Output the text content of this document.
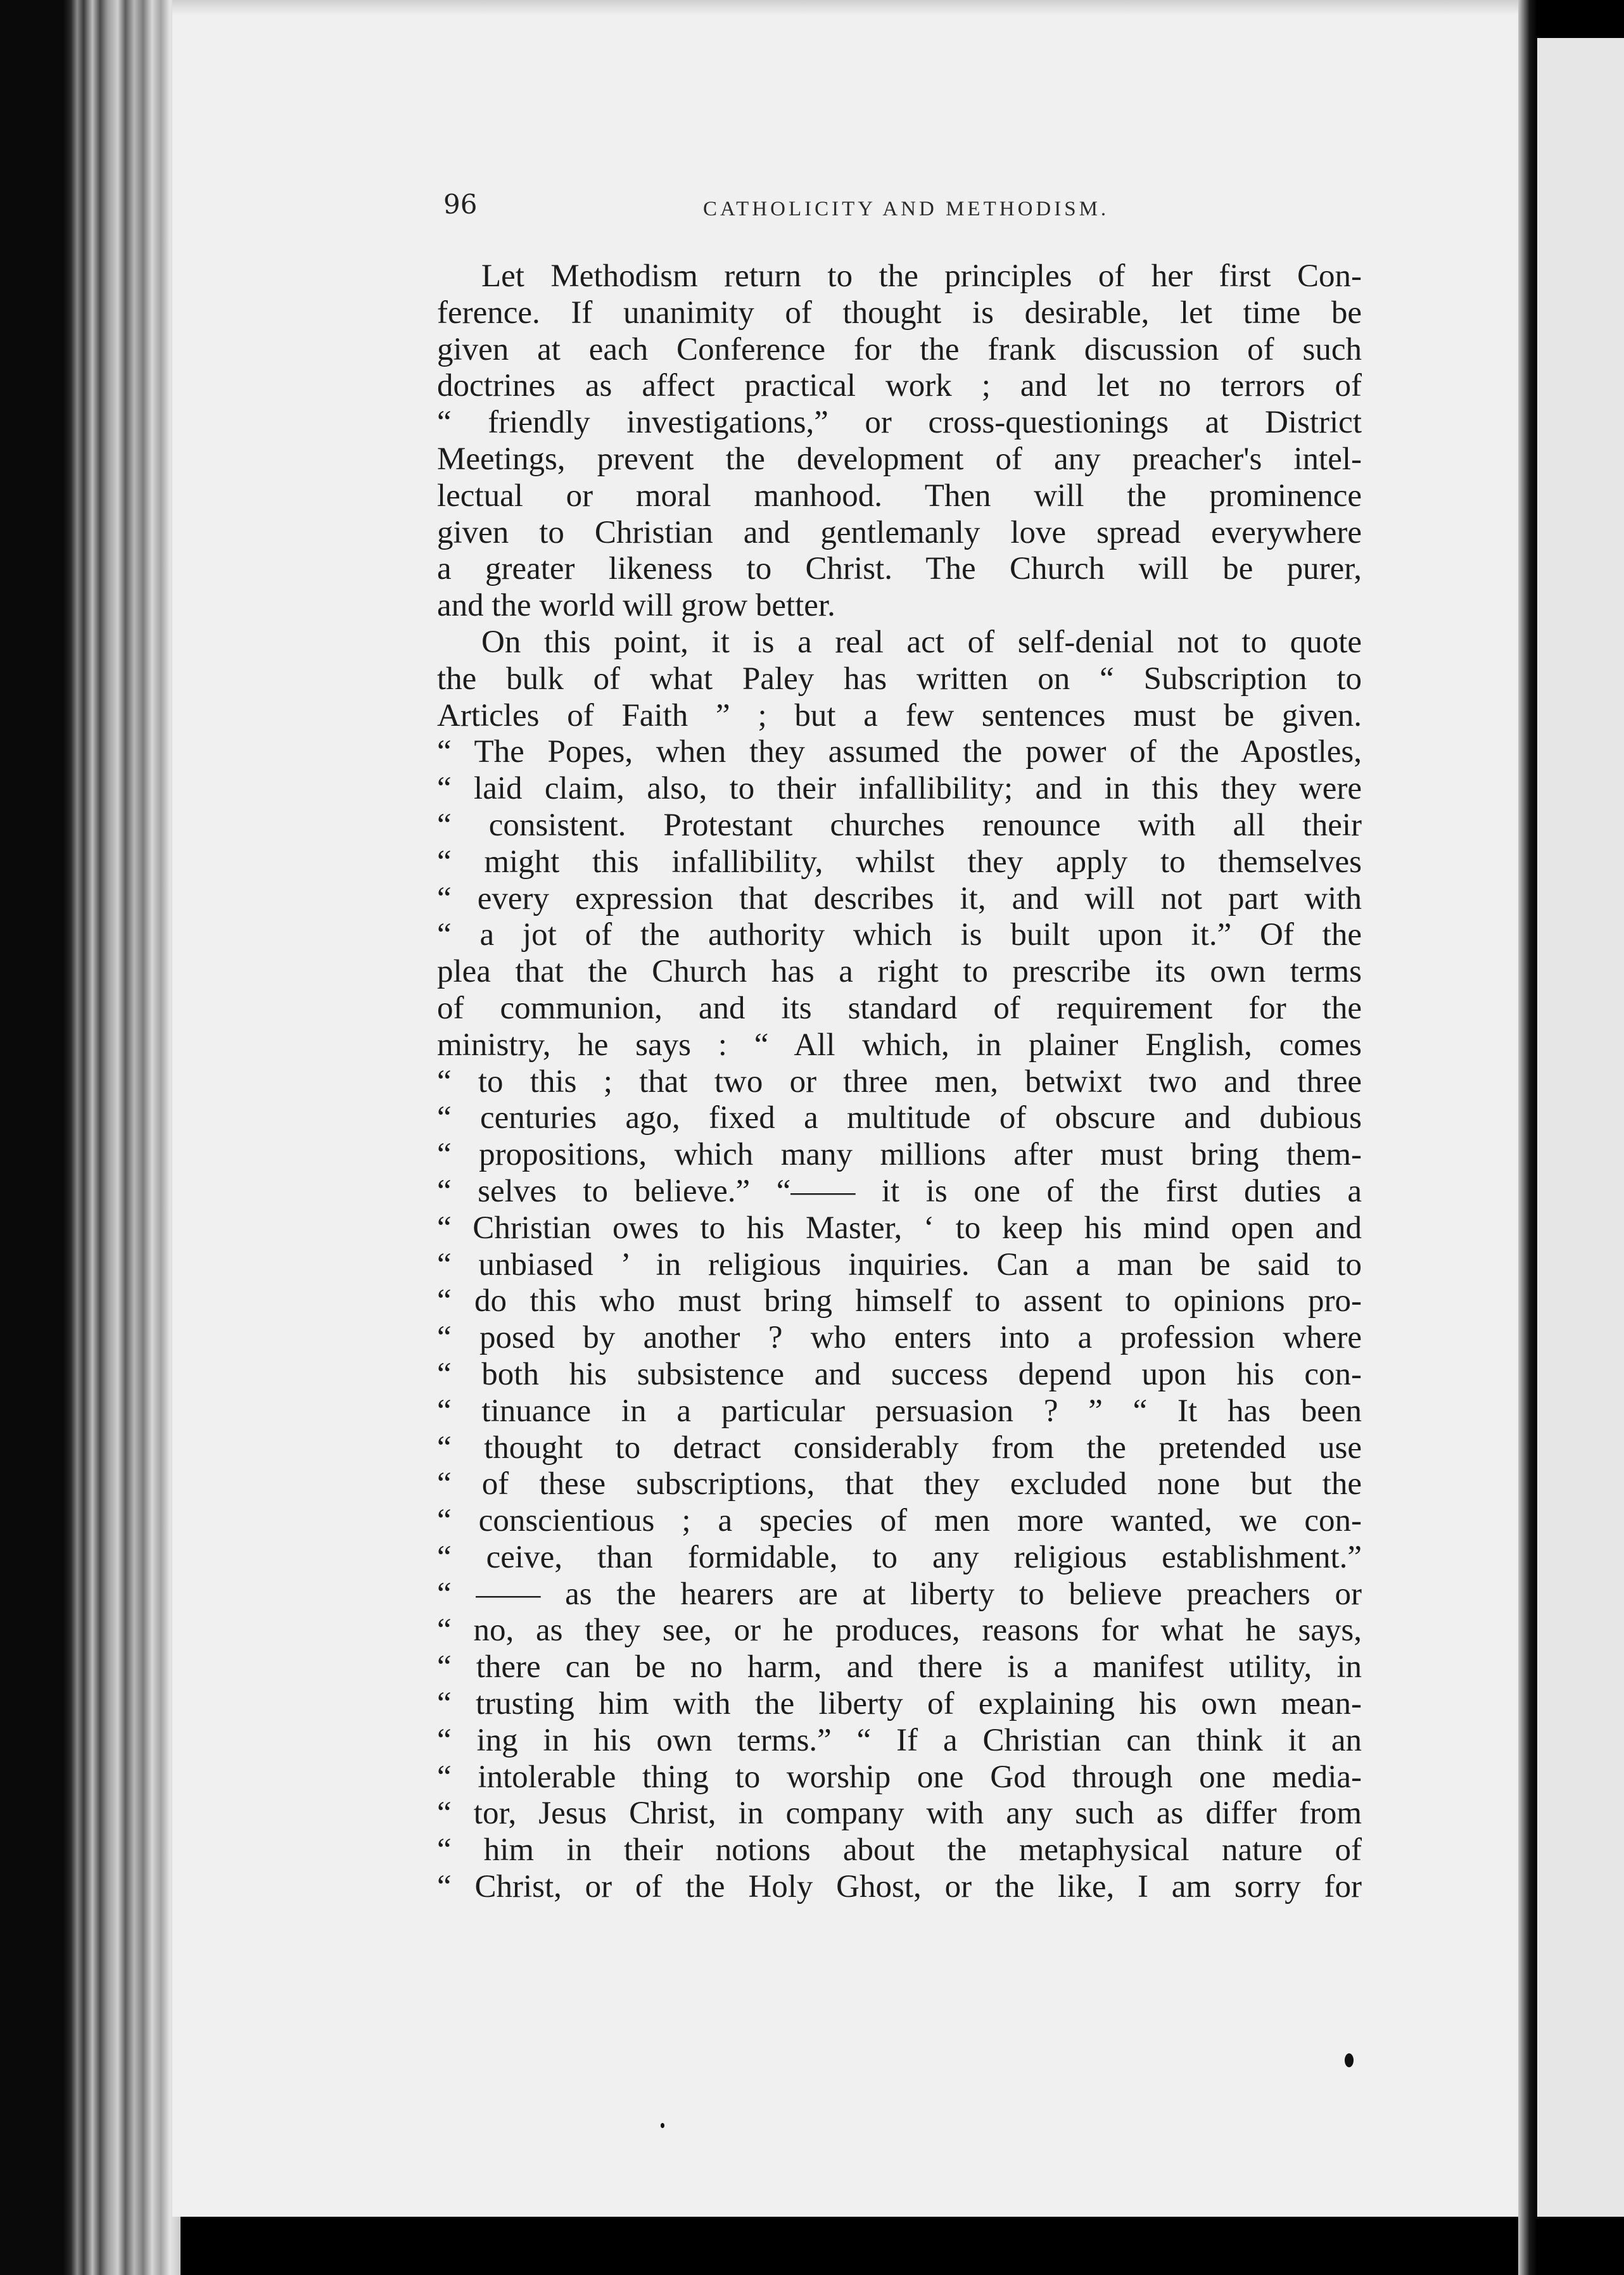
96	CATHOLICITY AND METHODISM.
Let Methodism return to the principles of her first Con-
ference. If unanimity of thought is desirable, let time be
given at each Conference for the frank discussion of such
doctrines as affect practical work ; and let no terrors of
“ friendly investigations,” or cross-questionings at District
Meetings, prevent the development of any preacher's intel-
lectual or moral manhood. Then will the prominence
given to Christian and gentlemanly love spread everywhere
a greater likeness to Christ. The Church will be purer,
and the world will grow better.
On this point, it is a real act of self-denial not to quote
the bulk of what Paley has written on “ Subscription to
Articles of Faith ” ; but a few sentences must be given.
“ The Popes, when they assumed the power of the Apostles,
“ laid claim, also, to their infallibility; and in this they were
“ consistent. Protestant churches renounce with all their
“ might this infallibility, whilst they apply to themselves
“ every expression that describes it, and will not part with
“ a jot of the authority which is built upon it.” Of the
plea that the Church has a right to prescribe its own terms
of communion, and its standard of requirement for the
ministry, he says : “ All which, in plainer English, comes
“ to this ; that two or three men, betwixt two and three
“ centuries ago, fixed a multitude of obscure and dubious
“ propositions, which many millions after must bring them-
“ selves to believe.” “—— it is one of the first duties a
“ Christian owes to his Master, ‘ to keep his mind open and
“ unbiased ’ in religious inquiries. Can a man be said to
“ do this who must bring himself to assent to opinions pro-
“ posed by another ? who enters into a profession where
“ both his subsistence and success depend upon his con-
“ tinuance in a particular persuasion ? ” “ It has been
“ thought to detract considerably from the pretended use
“ of these subscriptions, that they excluded none but the
“ conscientious ; a species of men more wanted, we con-
“ ceive, than formidable, to any religious establishment.”
“ —— as the hearers are at liberty to believe preachers or
“ no, as they see, or he produces, reasons for what he says,
“ there can be no harm, and there is a manifest utility, in
“ trusting him with the liberty of explaining his own mean-
“ ing in his own terms.” “ If a Christian can think it an
“ intolerable thing to worship one God through one media-
“ tor, Jesus Christ, in company with any such as differ from
“ him in their notions about the metaphysical nature of
“ Christ, or of the Holy Ghost, or the like, I am sorry for
